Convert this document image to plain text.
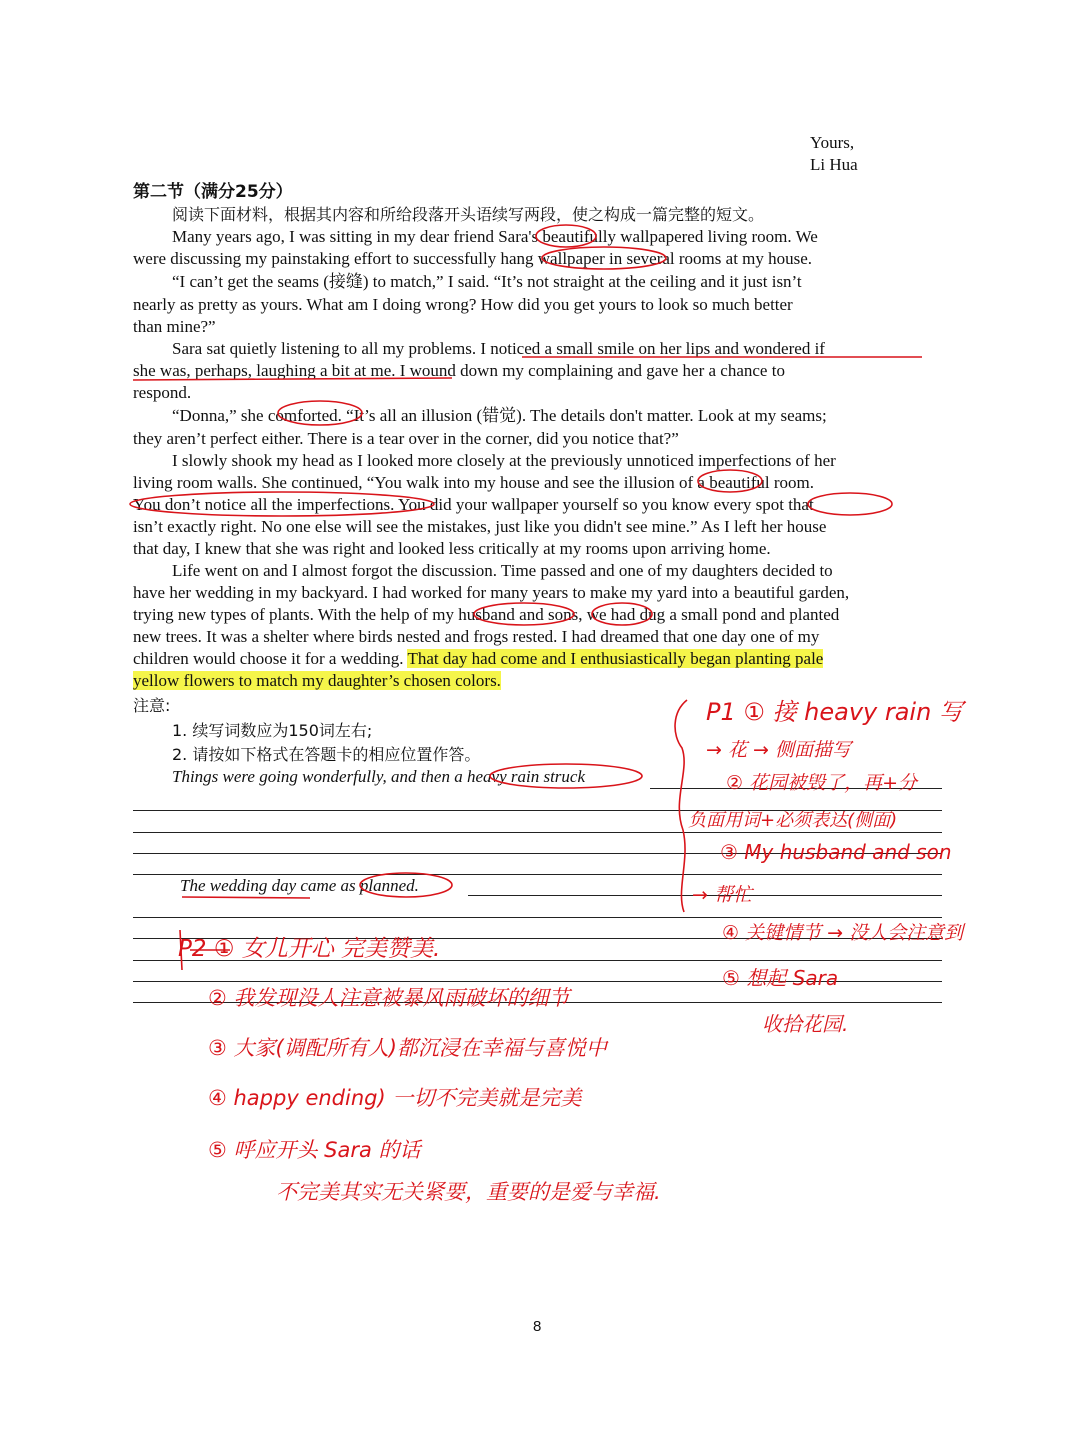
Yours,
Li Hua
第二节（满分25分）
阅读下面材料，根据其内容和所给段落开头语续写两段，使之构成一篇完整的短文。
Many years ago, I was sitting in my dear friend Sara's beautifully wallpapered living room. We
were discussing my painstaking effort to successfully hang wallpaper in several rooms at my house.
“I can’t get the seams (接缝) to match,” I said. “It’s not straight at the ceiling and it just isn’t
nearly as pretty as yours. What am I doing wrong? How did you get yours to look so much better
than mine?”
Sara sat quietly listening to all my problems. I noticed a small smile on her lips and wondered if
she was, perhaps, laughing a bit at me. I wound down my complaining and gave her a chance to
respond.
“Donna,” she comforted. “It’s all an illusion (错觉). The details don't matter. Look at my seams;
they aren’t perfect either. There is a tear over in the corner, did you notice that?”
I slowly shook my head as I looked more closely at the previously unnoticed imperfections of her
living room walls. She continued, “You walk into my house and see the illusion of a beautiful room.
You don’t notice all the imperfections. You did your wallpaper yourself so you know every spot that
isn’t exactly right. No one else will see the mistakes, just like you didn't see mine.” As I left her house
that day, I knew that she was right and looked less critically at my rooms upon arriving home.
Life went on and I almost forgot the discussion. Time passed and one of my daughters decided to
have her wedding in my backyard. I had worked for many years to make my yard into a beautiful garden,
trying new types of plants. With the help of my husband and sons, we had dug a small pond and planted
new trees. It was a shelter where birds nested and frogs rested. I had dreamed that one day one of my
children would choose it for a wedding. That day had come and I enthusiastically began planting pale
yellow flowers to match my daughter’s chosen colors.
注意:
1. 续写词数应为150词左右;
2. 请按如下格式在答题卡的相应位置作答。
Things were going wonderfully, and then a heavy rain struck
The wedding day came as planned.
8
P1 ① 接 heavy rain 写
→ 花 → 侧面描写
② 花园被毁了，再+分
负面用词+必须表达(侧面)
③ My husband and son
→ 帮忙
④ 关键情节 → 没人会注意到
⑤ 想起 Sara
收拾花园.
P2 ① 女儿开心 完美赞美.
② 我发现没人注意被暴风雨破坏的细节
③ 大家(调配所有人)都沉浸在幸福与喜悦中
④ happy ending) 一切不完美就是完美
⑤ 呼应开头 Sara 的话
不完美其实无关紧要，重要的是爱与幸福.
